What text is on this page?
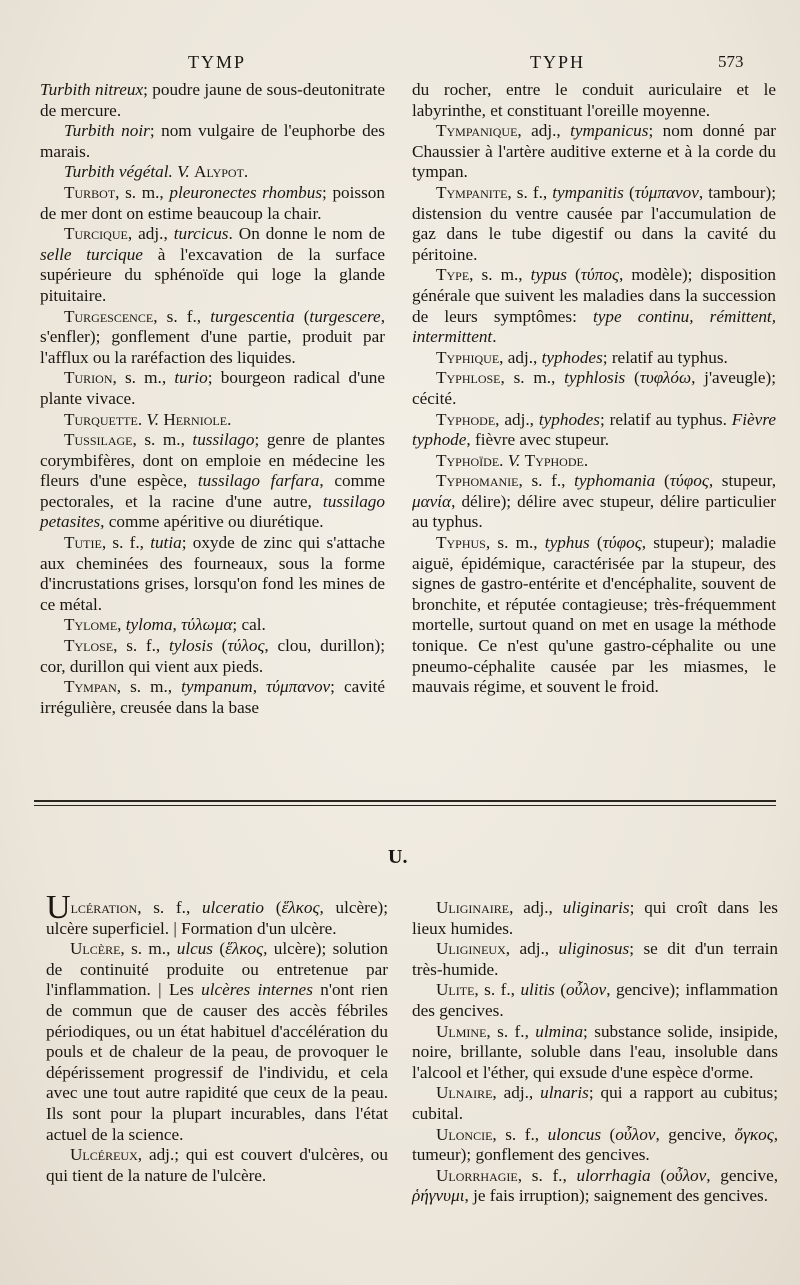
TYMP	TYPH	573

Turbith nitreux; poudre jaune de sous-deutonitrate de mercure.

Turbith noir; nom vulgaire de l'euphorbe des marais.

Turbith végétal. V. Alypot.

Turbot, s. m., pleuronectes rhombus; poisson de mer dont on estime beaucoup la chair.

Turcique, adj., turcicus. On donne le nom de selle turcique à l'excavation de la surface supérieure du sphénoïde qui loge la glande pituitaire.

Turgescence, s. f., turgescentia (turgescere, s'enfler); gonflement d'une partie, produit par l'afflux ou la raréfaction des liquides.

Turion, s. m., turio; bourgeon radical d'une plante vivace.

Turquette. V. Herniole.

Tussilage, s. m., tussilago; genre de plantes corymbifères, dont on emploie en médecine les fleurs d'une espèce, tussilago farfara, comme pectorales, et la racine d'une autre, tussilago petasites, comme apéritive ou diurétique.

Tutie, s. f., tutia; oxyde de zinc qui s'attache aux cheminées des fourneaux, sous la forme d'incrustations grises, lorsqu'on fond les mines de ce métal.

Tylome, tyloma, τύλωμα; cal.

Tylose, s. f., tylosis (τύλος, clou, durillon); cor, durillon qui vient aux pieds.

Tympan, s. m., tympanum, τύμπανον; cavité irrégulière, creusée dans la base

du rocher, entre le conduit auriculaire et le labyrinthe, et constituant l'oreille moyenne.

Tympanique, adj., tympanicus; nom donné par Chaussier à l'artère auditive externe et à la corde du tympan.

Tympanite, s. f., tympanitis (τύμπανον, tambour); distension du ventre causée par l'accumulation de gaz dans le tube digestif ou dans la cavité du péritoine.

Type, s. m., typus (τύπος, modèle); disposition générale que suivent les maladies dans la succession de leurs symptômes: type continu, rémittent, intermittent.

Typhique, adj., typhodes; relatif au typhus.

Typhlose, s. m., typhlosis (τυφλόω, j'aveugle); cécité.

Typhode, adj., typhodes; relatif au typhus. Fièvre typhode, fièvre avec stupeur.

Typhoïde. V. Typhode.

Typhomanie, s. f., typhomania (τύφος, stupeur, μανία, délire); délire avec stupeur, délire particulier au typhus.

Typhus, s. m., typhus (τύφος, stupeur); maladie aiguë, épidémique, caractérisée par la stupeur, des signes de gastro-entérite et d'encéphalite, souvent de bronchite, et réputée contagieuse; très-fréquemment mortelle, surtout quand on met en usage la méthode tonique. Ce n'est qu'une gastro-céphalite ou une pneumo-céphalite causée par les miasmes, le mauvais régime, et souvent le froid.

U.

Ulcération, s. f., ulceratio (ἕλκος, ulcère); ulcère superficiel. | Formation d'un ulcère.

Ulcère, s. m., ulcus (ἕλκος, ulcère); solution de continuité produite ou entretenue par l'inflammation. | Les ulcères internes n'ont rien de commun que de causer des accès fébriles périodiques, ou un état habituel d'accélération du pouls et de chaleur de la peau, de provoquer le dépérissement progressif de l'individu, et cela avec une tout autre rapidité que ceux de la peau. Ils sont pour la plupart incurables, dans l'état actuel de la science.

Ulcéreux, adj.; qui est couvert d'ulcères, ou qui tient de la nature de l'ulcère.

Uliginaire, adj., uliginaris; qui croît dans les lieux humides.

Uligineux, adj., uliginosus; se dit d'un terrain très-humide.

Ulite, s. f., ulitis (οὖλον, gencive); inflammation des gencives.

Ulmine, s. f., ulmina; substance solide, insipide, noire, brillante, soluble dans l'eau, insoluble dans l'alcool et l'éther, qui exsude d'une espèce d'orme.

Ulnaire, adj., ulnaris; qui a rapport au cubitus; cubital.

Uloncie, s. f., uloncus (οὖλον, gencive, ὄγκος, tumeur); gonflement des gencives.

Ulorrhagie, s. f., ulorrhagia (οὖλον, gencive, ῥήγνυμι, je fais irruption); saignement des gencives.
